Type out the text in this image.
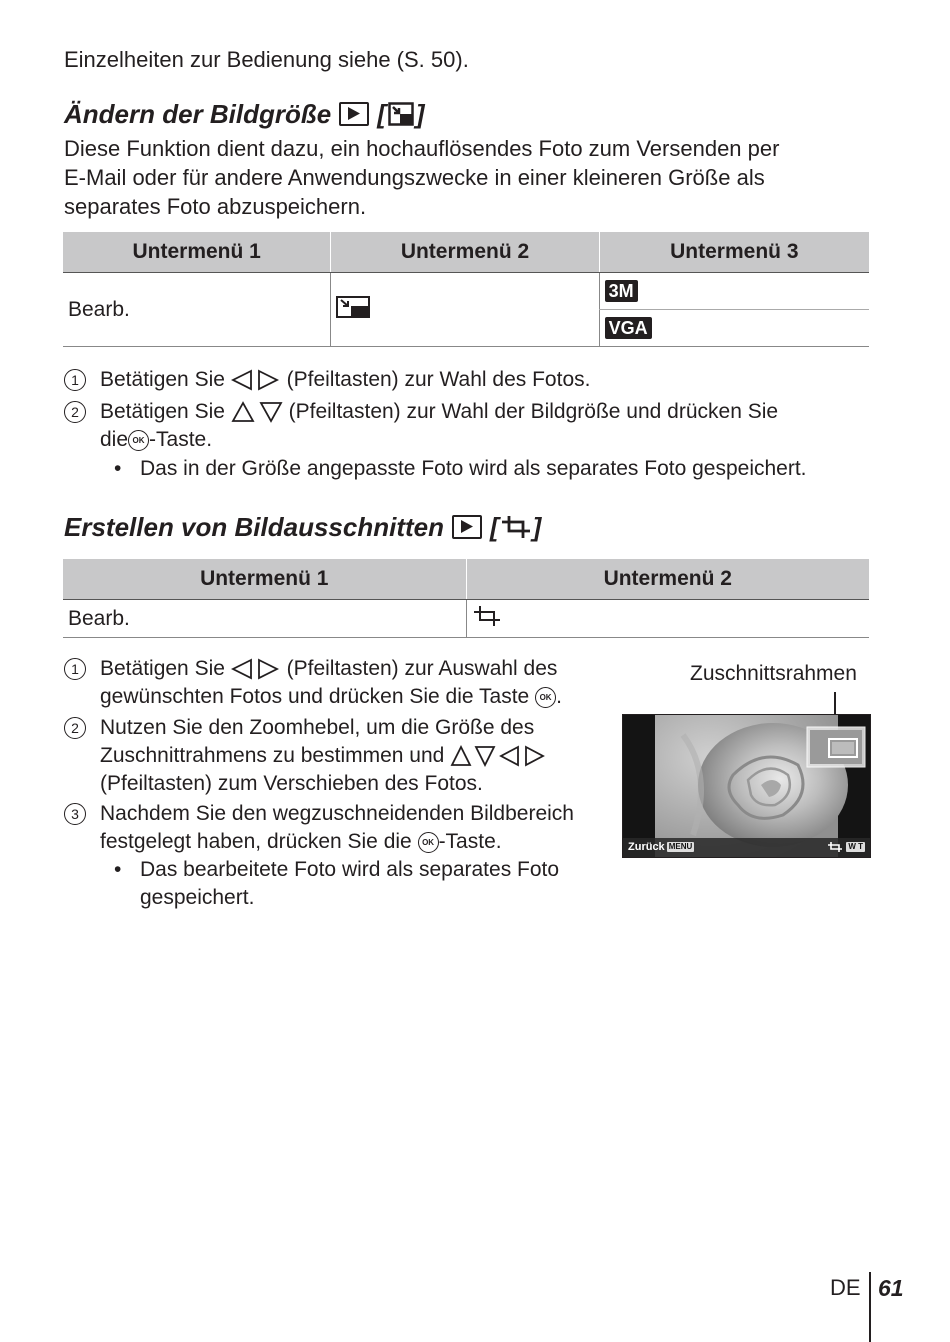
Einzelheiten zur Bedienung siehe (S. 50).
Ändern der Bildgröße [ ]
Diese Funktion dient dazu, ein hochauflösendes Foto zum Versenden per
E-Mail oder für andere Anwendungszwecke in einer kleineren Größe als
separates Foto abzuspeichern.
Untermenü 1	Untermenü 2	Untermenü 3
Bearb.		3M
		VGA
1	Betätigen Sie	(Pfeiltasten) zur Wahl des Fotos.
2	Betätigen Sie	(Pfeiltasten) zur Wahl der Bildgröße und drücken Sie
die OK -Taste.
• Das in der Größe angepasste Foto wird als separates Foto gespeichert.
Erstellen von Bildausschnitten [ ]
Untermenü 1	Untermenü 2
Bearb.	
1	Betätigen Sie	(Pfeiltasten) zur Auswahl des
gewünschten Fotos und drücken Sie die Taste OK .
2	Nutzen Sie den Zoomhebel, um die Größe des
Zuschnittrahmens zu bestimmen und
(Pfeiltasten) zum Verschieben des Fotos.
3	Nachdem Sie den wegzuschneidenden Bildbereich
festgelegt haben, drücken Sie die OK -Taste.
• Das bearbeitete Foto wird als separates Foto
gespeichert.
Zuschnittsrahmen
Zurück MENU	W T
DE 61
